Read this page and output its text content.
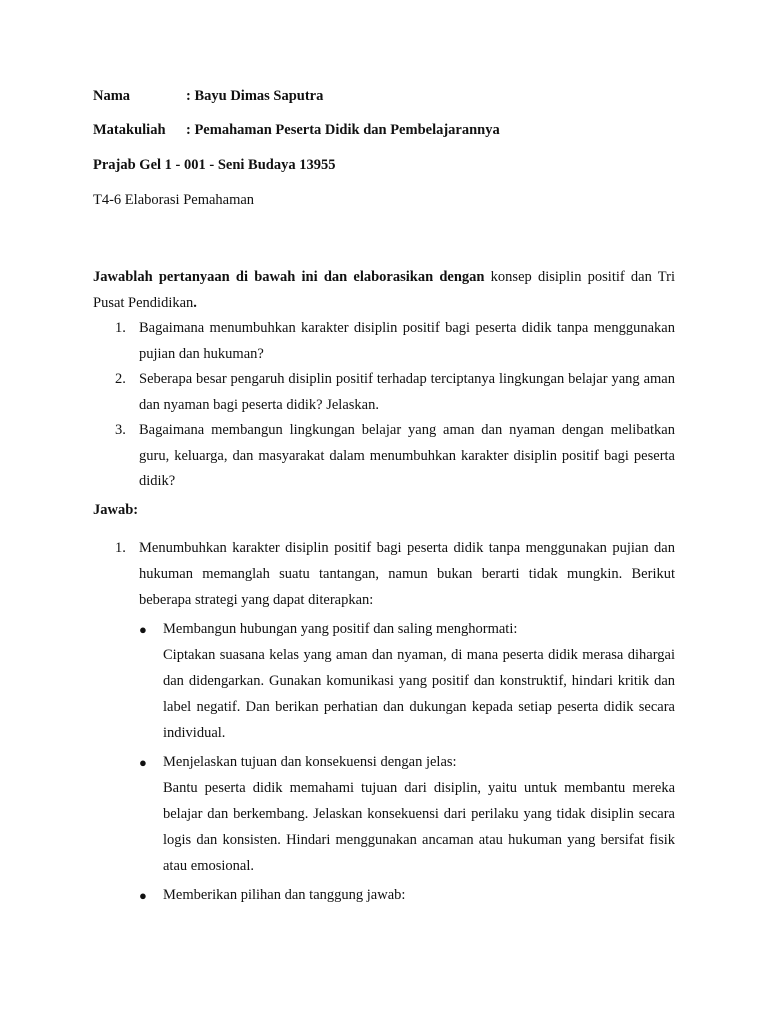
Nama	: Bayu Dimas Saputra
Matakuliah : Pemahaman Peserta Didik dan Pembelajarannya
Prajab Gel 1 - 001 - Seni Budaya 13955
T4-6 Elaborasi Pemahaman
Jawablah pertanyaan di bawah ini dan elaborasikan dengan konsep disiplin positif dan Tri Pusat Pendidikan.
1. Bagaimana menumbuhkan karakter disiplin positif bagi peserta didik tanpa menggunakan pujian dan hukuman?
2. Seberapa besar pengaruh disiplin positif terhadap terciptanya lingkungan belajar yang aman dan nyaman bagi peserta didik? Jelaskan.
3. Bagaimana membangun lingkungan belajar yang aman dan nyaman dengan melibatkan guru, keluarga, dan masyarakat dalam menumbuhkan karakter disiplin positif bagi peserta didik?
Jawab:
1. Menumbuhkan karakter disiplin positif bagi peserta didik tanpa menggunakan pujian dan hukuman memanglah suatu tantangan, namun bukan berarti tidak mungkin. Berikut beberapa strategi yang dapat diterapkan:
● Membangun hubungan yang positif dan saling menghormati:
Ciptakan suasana kelas yang aman dan nyaman, di mana peserta didik merasa dihargai dan didengarkan. Gunakan komunikasi yang positif dan konstruktif, hindari kritik dan label negatif. Dan berikan perhatian dan dukungan kepada setiap peserta didik secara individual.
● Menjelaskan tujuan dan konsekuensi dengan jelas:
Bantu peserta didik memahami tujuan dari disiplin, yaitu untuk membantu mereka belajar dan berkembang. Jelaskan konsekuensi dari perilaku yang tidak disiplin secara logis dan konsisten. Hindari menggunakan ancaman atau hukuman yang bersifat fisik atau emosional.
● Memberikan pilihan dan tanggung jawab:
